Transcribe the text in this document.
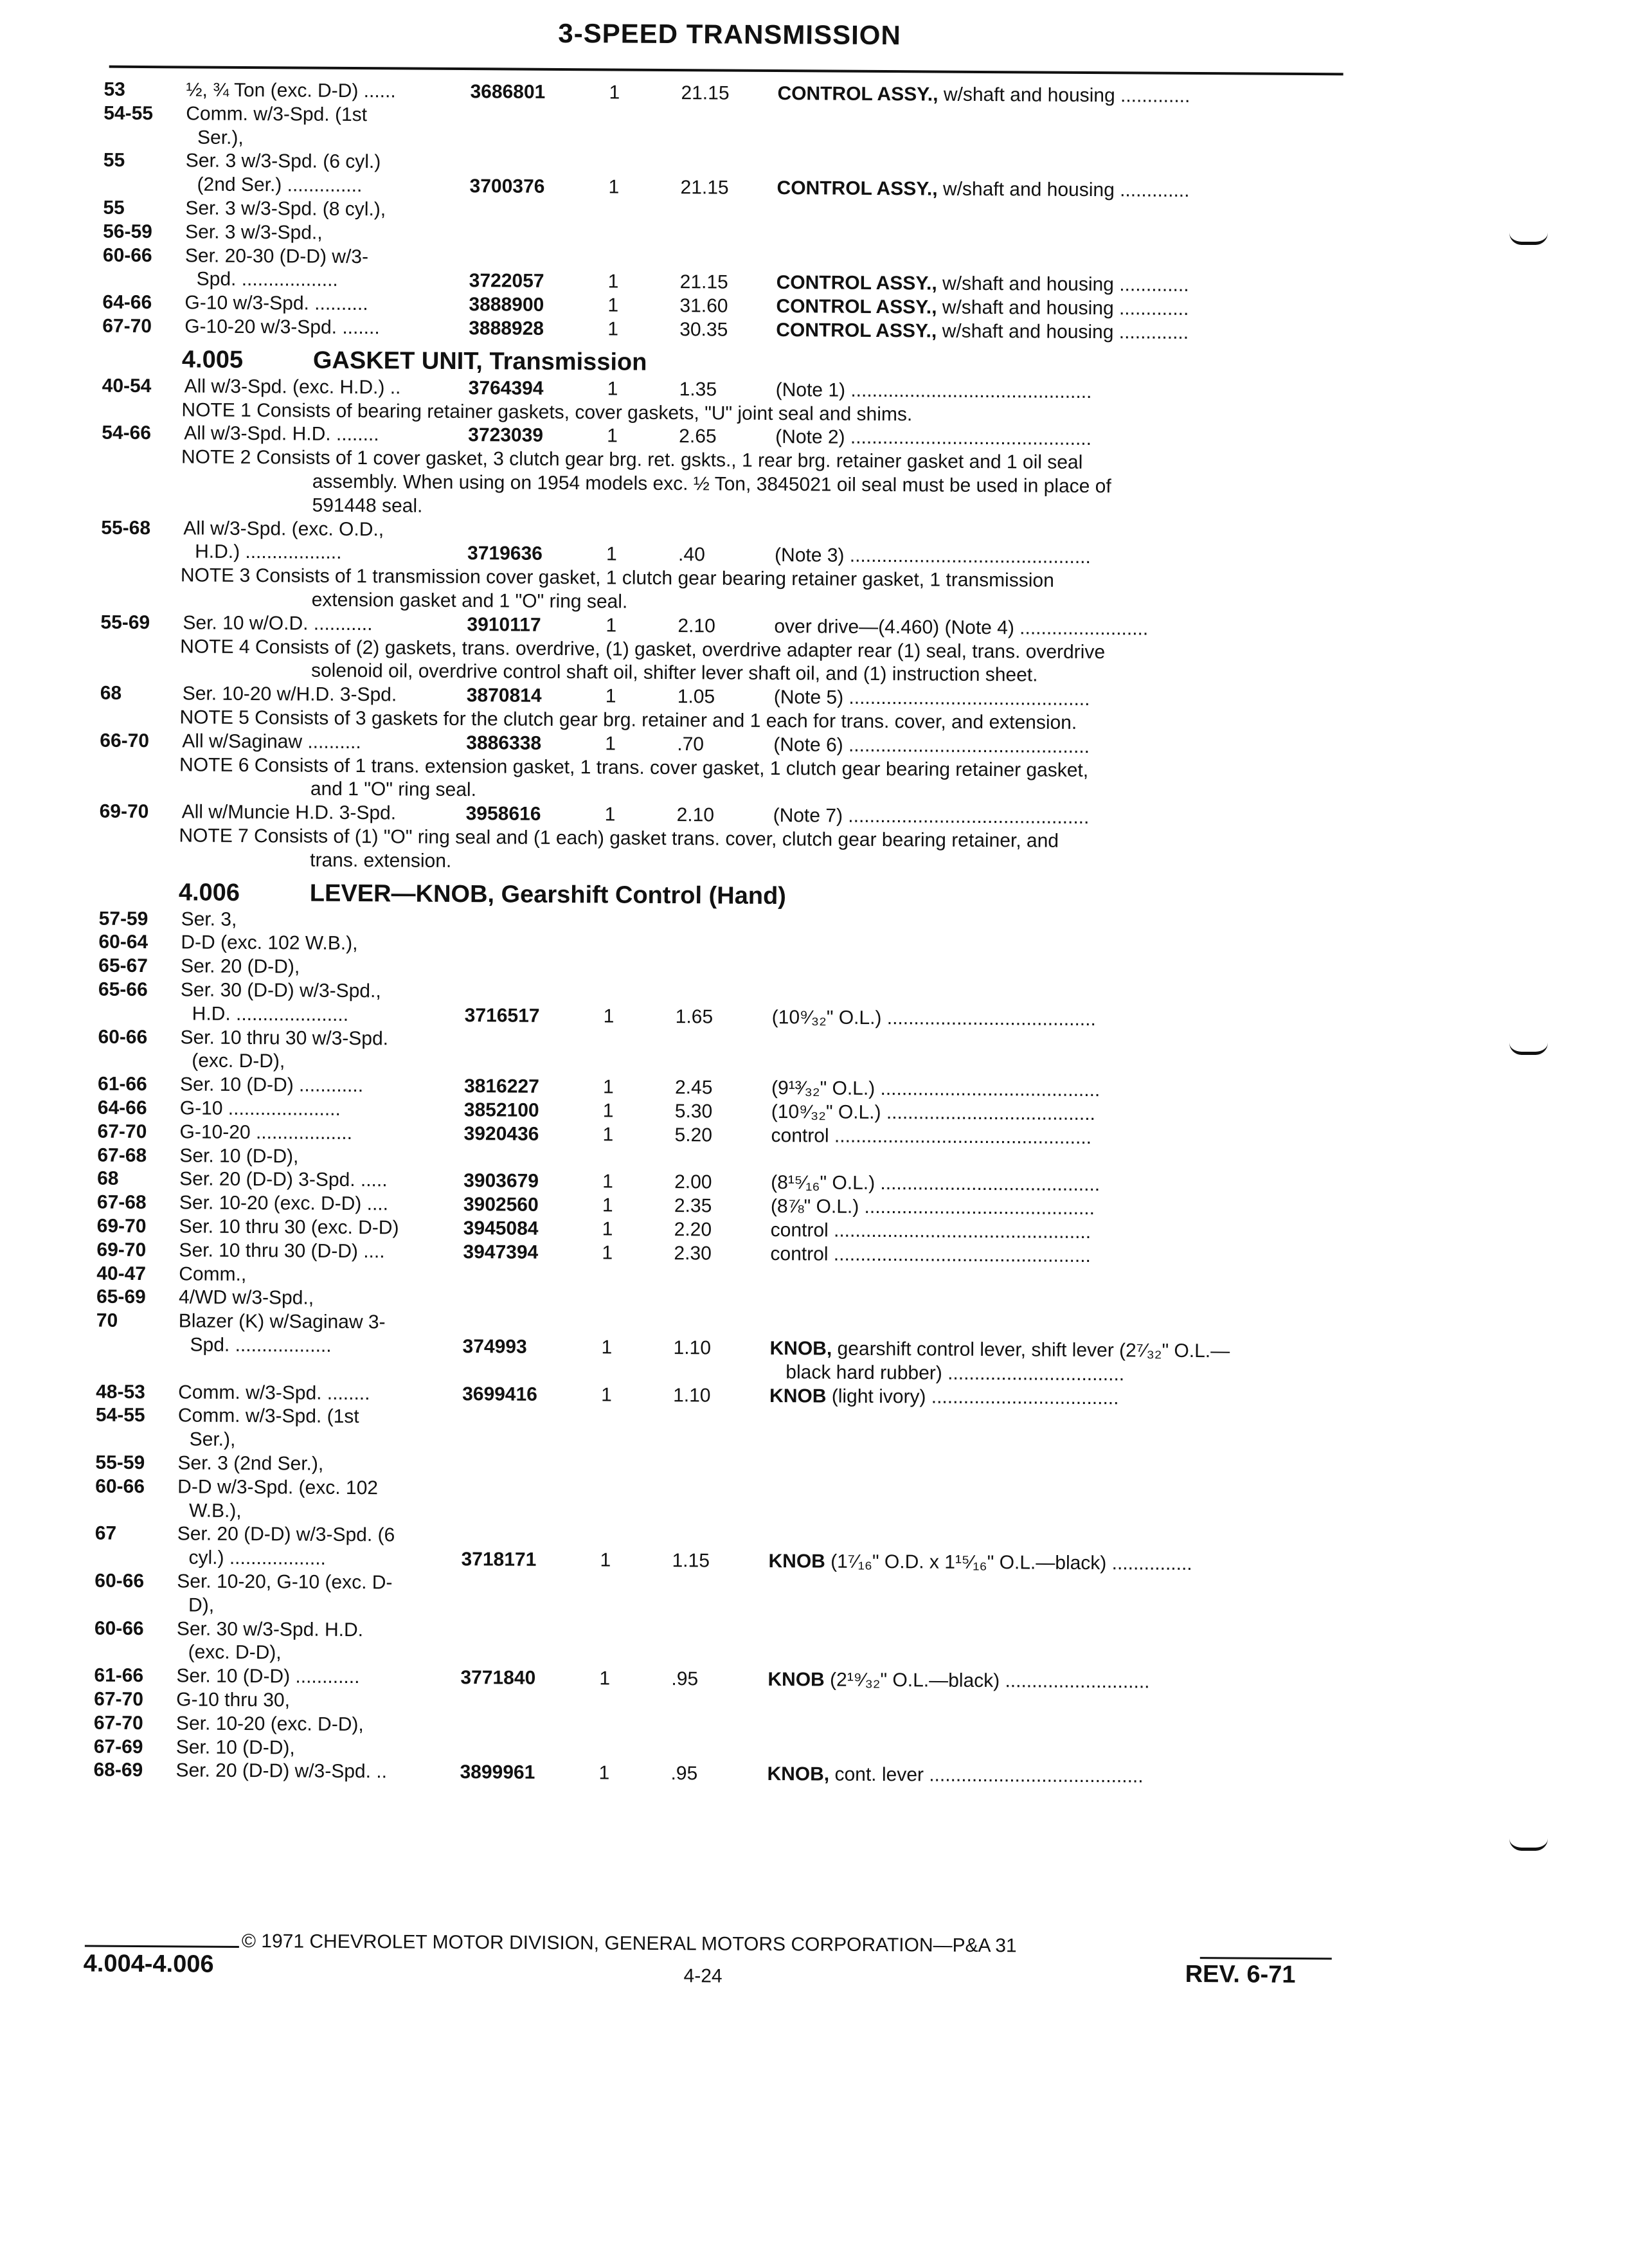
3-SPEED TRANSMISSION
53	½, ¾ Ton (exc. D-D) ......	3686801	1	21.15 CONTROL ASSY., w/shaft and housing .............
54-55 Comm. w/3-Spd. (1st
Ser.),
55	Ser. 3 w/3-Spd. (6 cyl.)
(2nd Ser.) ..............	3700376	1	21.15 CONTROL ASSY., w/shaft and housing .............
55	Ser. 3 w/3-Spd. (8 cyl.),
56-59 Ser. 3 w/3-Spd.,
60-66 Ser. 20-30 (D-D) w/3-
Spd. ..................	3722057	1	21.15 CONTROL ASSY., w/shaft and housing .............
64-66 G-10 w/3-Spd. ..........	3888900	1	31.60 CONTROL ASSY., w/shaft and housing .............
67-70 G-10-20 w/3-Spd. .......	3888928	1	30.35 CONTROL ASSY., w/shaft and housing .............
4.005	GASKET UNIT, Transmission
40-54 All w/3-Spd. (exc. H.D.) ..	3764394	1	1.35	(Note 1) .............................................
NOTE 1 Consists of bearing retainer gaskets, cover gaskets, "U" joint seal and shims.
54-66 All w/3-Spd. H.D. ........	3723039	1	2.65	(Note 2) .............................................
NOTE 2 Consists of 1 cover gasket, 3 clutch gear brg. ret. gskts., 1 rear brg. retainer gasket and 1 oil seal
assembly. When using on 1954 models exc. ½ Ton, 3845021 oil seal must be used in place of
591448 seal.
55-68 All w/3-Spd. (exc. O.D.,
H.D.) ..................	3719636	1	.40	(Note 3) .............................................
NOTE 3 Consists of 1 transmission cover gasket, 1 clutch gear bearing retainer gasket, 1 transmission
extension gasket and 1 "O" ring seal.
55-69 Ser. 10 w/O.D. ...........	3910117	1	2.10	over drive—(4.460) (Note 4) ........................
NOTE 4 Consists of (2) gaskets, trans. overdrive, (1) gasket, overdrive adapter rear (1) seal, trans. overdrive
solenoid oil, overdrive control shaft oil, shifter lever shaft oil, and (1) instruction sheet.
68	Ser. 10-20 w/H.D. 3-Spd.	3870814	1	1.05	(Note 5) .............................................
NOTE 5 Consists of 3 gaskets for the clutch gear brg. retainer and 1 each for trans. cover, and extension.
66-70 All w/Saginaw ..........	3886338	1	.70	(Note 6) .............................................
NOTE 6 Consists of 1 trans. extension gasket, 1 trans. cover gasket, 1 clutch gear bearing retainer gasket,
and 1 "O" ring seal.
69-70 All w/Muncie H.D. 3-Spd.	3958616	1	2.10	(Note 7) .............................................
NOTE 7 Consists of (1) "O" ring seal and (1 each) gasket trans. cover, clutch gear bearing retainer, and
trans. extension.
4.006	LEVER—KNOB, Gearshift Control (Hand)
57-59 Ser. 3,
60-64 D-D (exc. 102 W.B.),
65-67 Ser. 20 (D-D),
65-66 Ser. 30 (D-D) w/3-Spd.,
H.D. .....................	3716517	1	1.65	(10⁹⁄₃₂" O.L.) .......................................
60-66 Ser. 10 thru 30 w/3-Spd.
(exc. D-D),
61-66 Ser. 10 (D-D) ............	3816227	1	2.45	(9¹³⁄₃₂" O.L.) .........................................
64-66 G-10 .....................	3852100	1	5.30	(10⁹⁄₃₂" O.L.) .......................................
67-70 G-10-20 ..................	3920436	1	5.20	control ................................................
67-68 Ser. 10 (D-D),
68	Ser. 20 (D-D) 3-Spd. .....	3903679	1	2.00	(8¹⁵⁄₁₆" O.L.) .........................................
67-68 Ser. 10-20 (exc. D-D) ....	3902560	1	2.35	(8⅞" O.L.) ...........................................
69-70 Ser. 10 thru 30 (exc. D-D)	3945084	1	2.20	control ................................................
69-70 Ser. 10 thru 30 (D-D) ....	3947394	1	2.30	control ................................................
40-47 Comm.,
65-69 4/WD w/3-Spd.,
70	Blazer (K) w/Saginaw 3-
Spd. ..................	374993	1	1.10	KNOB, gearshift control lever, shift lever (2⁷⁄₃₂" O.L.—
black hard rubber) .................................
48-53 Comm. w/3-Spd. ........	3699416	1	1.10	KNOB (light ivory) ...................................
54-55 Comm. w/3-Spd. (1st
Ser.),
55-59 Ser. 3 (2nd Ser.),
60-66 D-D w/3-Spd. (exc. 102
W.B.),
67	Ser. 20 (D-D) w/3-Spd. (6
cyl.) ..................	3718171	1	1.15	KNOB (1⁷⁄₁₆" O.D. x 1¹⁵⁄₁₆" O.L.—black) ...............
60-66 Ser. 10-20, G-10 (exc. D-
D),
60-66 Ser. 30 w/3-Spd. H.D.
(exc. D-D),
61-66 Ser. 10 (D-D) ............	3771840	1	.95	KNOB (2¹⁹⁄₃₂" O.L.—black) ...........................
67-70 G-10 thru 30,
67-70 Ser. 10-20 (exc. D-D),
67-69 Ser. 10 (D-D),
68-69 Ser. 20 (D-D) w/3-Spd. ..	3899961	1	.95	KNOB, cont. lever ........................................
© 1971 CHEVROLET MOTOR DIVISION, GENERAL MOTORS CORPORATION—P&A 31
4.004-4.006	4-24	REV. 6-71
